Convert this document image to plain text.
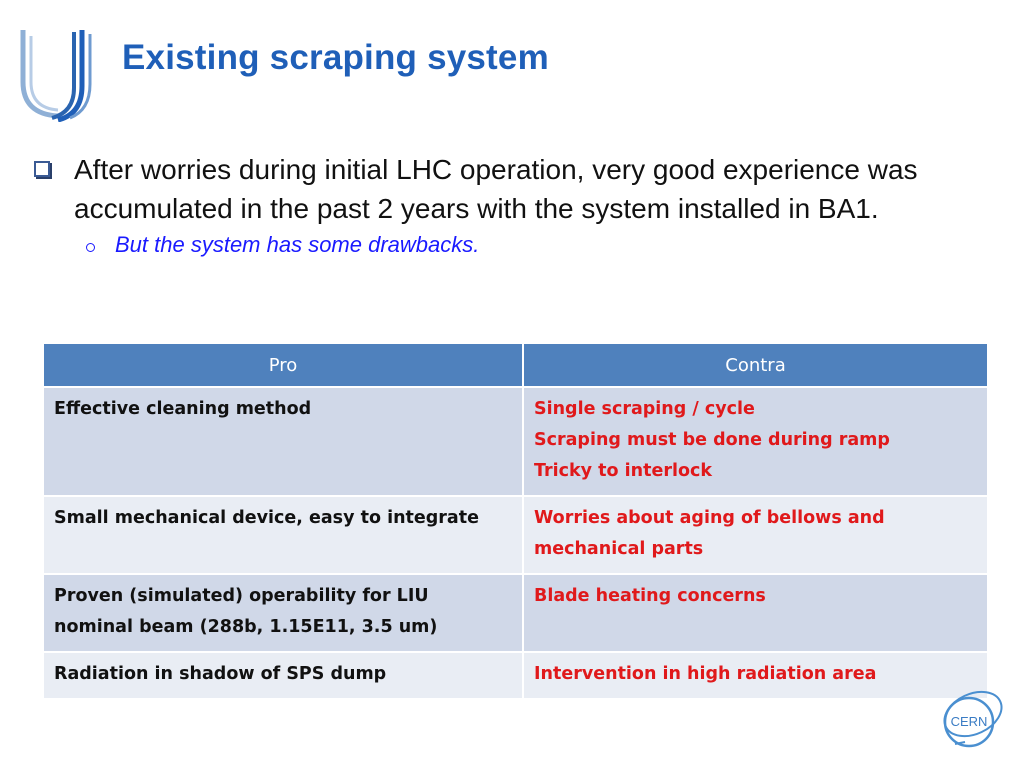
Existing scraping system
After worries during initial LHC operation, very good experience was accumulated in the past 2 years with the system installed in BA1.
But the system has some drawbacks.
Pro	Contra

Effective cleaning method	Single scraping / cycle
Scraping must be done during ramp
Tricky to interlock

Small mechanical device, easy to integrate	Worries about aging of bellows and mechanical parts

Proven (simulated) operability for LIU nominal beam (288b, 1.15E11, 3.5 um)	Blade heating concerns

Radiation in shadow of SPS dump	Intervention in high radiation area
CERN
